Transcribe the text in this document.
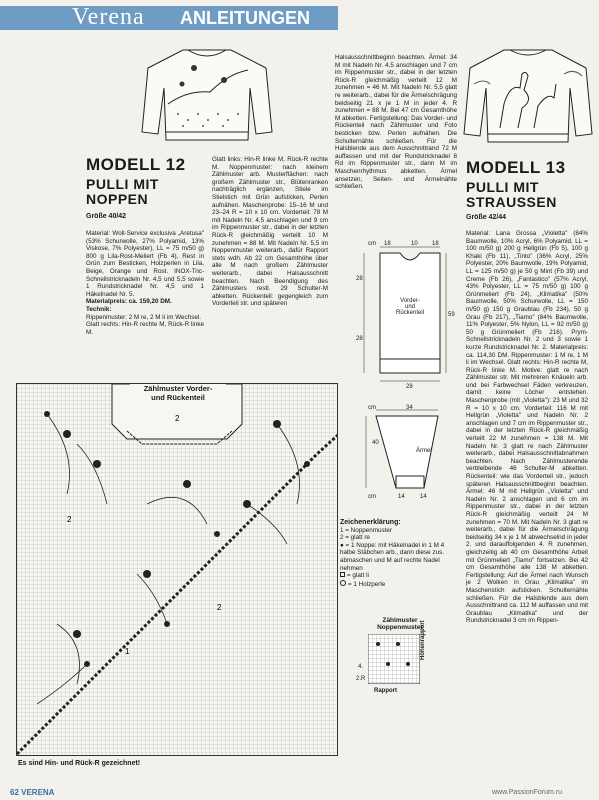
Verena ANLEITUNGEN
MODELL 12
PULLI MIT
NOPPEN
Größe 40/42

Material: Woll-Service exclusiva „Aretusa" (53% Schurwolle, 27% Polyamid, 13% Viskose, 7% Polyester), LL = 75 m/50 g) 800 g Lila-Rost-Meliert (Fb 4), Rest in Grün zum Besticken, Holzperlen in Lila, Beige, Orange und Rost. INOX-Tric-Schnellstricknadeln Nr. 4,5 und 5,5 sowie 1 Rundstricknadel Nr. 4,5 und 1 Häkelnadel Nr. 5.

Materialpreis: ca. 159,20 DM.

Technik:

Rippenmuster: 2 M re, 2 M li im Wechsel.

Glatt rechts: Hin-R rechte M, Rück-R linke M.

Glatt links: Hin-R linke M, Rück-R rechte M. Noppenmuster: nach kleinem Zählmuster arb. Musterflächen: nach großem Zählmuster str., Blütenranken nachträglich ergänzen, Stiele im Stielstich mit Grün aufsticken, Perlen aufnähen. Maschenprobe: 15–16 M und 23–24 R = 10 x 10 cm. Vorderteil: 78 M mit Nadeln Nr. 4,5 anschlagen und 9 cm im Rippenmuster str., dabei in der letzten Rück-R gleichmäßig verteilt 10 M zunehmen = 88 M. Mit Nadeln Nr. 5,5 im Noppenmuster weiterarb., dafür Rapport stets wdh. Ab 22 cm Gesamthöhe über alle M nach großem Zählmuster weiterarb., dabei Halsausschnitt beachten. Nach Beendigung des Zählmusters restl. 29 Schulter-M abketten. Rückenteil: gegengleich zum Vorderteil str. und späteren
Halsausschnittbeginn beachten. Ärmel: 34 M mit Nadeln Nr. 4,5 anschlagen und 7 cm im Rippenmuster str., dabei in der letzten Rück-R gleichmäßig verteilt 12 M zunehmen = 46 M. Mit Nadeln Nr. 5,5 glatt re weiterarb., dabei für die Ärmelschrägung beidseitig 21 x je 1 M in jeder 4. R zunehmen = 88 M. Bei 47 cm Gesamthöhe M abketten. Fertigstellung: Das Vorder- und Rückenteil nach Zählmuster und Foto besticken bzw. Perlen aufnähen. Die Schulternähte schließen. Für die Halsblende aus dem Ausschnittrand 72 M auffassen und mit der Rundstricknadel 8 Rd im Rippenmuster str., dann M im Maschenrhythmus abketten. Ärmel ansetzen, Seiten- und Ärmelnähte schließen.
MODELL 13
PULLI MIT
STRAUSSEN
Größe 42/44
Material: Lana Grossa „Violetta" (84% Baumwolle, 10% Acryl, 6% Polyamid, LL = 100 m/50 g) 200 g Hellgrün (Fb 5), 100 g Khaki (Fb 11), „Tinto" (36% Acryl, 25% Polyester, 20% Baumwolle, 19% Polyamid, LL = 125 m/50 g) je 50 g Mint (Fb 39) und Creme (Fb 26), „Fantastico" (57% Acryl, 43% Polyester, LL = 75 m/50 g) 100 g Grünmeliert (Fb 24), „Klimatika" (50% Baumwolle, 50% Schurwolle, LL = 150 m/50 g) 150 g Graublau (Fb 234), 50 g Grau (Fb 217), „Tiamo" (84% Baumwolle, 11% Polyester, 5% Nylon, LL = 92 m/50 g) 50 g Grünmeliert (Fb 216). Prym-Schnellstricknadeln Nr. 2 und 3 sowie 1 kurze Rundstricknadel Nr. 2. Materialpreis: ca. 114,30 DM. Rippenmuster: 1 M re, 1 M li im Wechsel. Glatt rechts: Hin-R rechte M, Rück-R linke M. Motive: glatt re nach Zählmuster str. Mit mehreren Knäueln arb. und bei Farbwechsel Fäden verkreuzen, damit keine Löcher entstehen. Maschenprobe (mit „Violetta"): 23 M und 32 R = 10 x 10 cm. Vorderteil: 116 M mit Hellgrün „Violetta" und Nadeln Nr. 2 anschlagen und 7 cm im Rippenmuster str., dabei in der letzten Rück-R gleichmäßig verteilt 22 M zunehmen = 138 M. Mit Nadeln Nr. 3 glatt re nach Zählmuster weiterarb., dabei Halsausschnittabnahmen beachten. Nach Zählmusterende verbleibende 46 Schulter-M abketten. Rückenteil: wie das Vorderteil str., jedoch späteren Halsausschnittbeginn beachten. Ärmel: 46 M mit Hellgrün „Violetta" und Nadeln Nr. 2 anschlagen und 6 cm im Rippenmuster str., dabei in der letzten Rück-R gleichmäßig verteilt 24 M zunehmen = 70 M. Mit Nadeln Nr. 3 glatt re weiterarb., dabei für die Ärmelschrägung beidseitig 34 x je 1 M abwechselnd in jeder 2. und darauffolgenden 4. R zunehmen, gleichzeitig ab 40 cm Gesamthöhe Arbeit mit Grünmeliert „Tiamo" fortsetzen. Bei 42 cm Gesamthöhe alle 138 M abketten. Fertigstellung: Auf die Ärmel nach Wunsch je 2 Wolken in Grau „Klimatika" im Maschenstich aufsticken. Schulternähte schließen. Für die Halsblende aus dem Ausschnittrand ca. 112 M auffassen und mit Graublau „Klimatika" und der Rundstricknadel 3 cm im Rippen-
1
2
2
2
Zählmuster Vorder-
und Rückenteil
Es sind Hin- und Rück-R gezeichnet!
cm 18	10 18
28
28
59
Vorder-
und
Rückenteil
28
cm	34
40
Ärmel
cm	14	14
Zeichenerklärung:
1 = Noppenmuster
2 = glatt re
● = 1 Noppe: mit Häkelnadel in 1 M 4 halbe Stäbchen arb., dann diese zus. abmaschen und M auf rechte Nadel nehmen
= glatt li
= 1 Holzperle
Zählmuster
Noppenmuster
4.
2.R
Rapport
Höhenrapport
62 VERENA	www.PassionForum.ru
